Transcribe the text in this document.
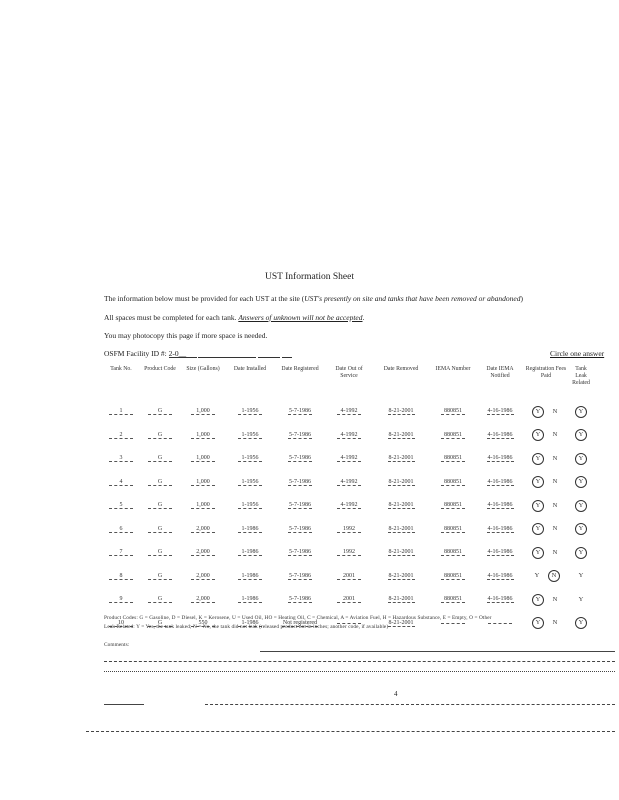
UST Information Sheet
The information below must be provided for each UST at the site (UST's presently on site and tanks that have been removed or abandoned)
All spaces must be completed for each tank. Answers of unknown will not be accepted.
You may photocopy this page if more space is needed.
OSFM Facility ID #: 2-0__	Circle one answer
Tank No.	Product Code	Size (Gallons)	Date Installed	Date Registered	Date Out of Service	Date Removed	IEMA Number	Date IEMA Notified	Registration Fees Paid	Tank Leak Related
1	G	1,000	1-1956	5-7-1986	4-1992	8-21-2001	880851	4-16-1986	Y N	Y
2	G	1,000	1-1956	5-7-1986	4-1992	8-21-2001	880851	4-16-1986	Y N	Y
3	G	1,000	1-1956	5-7-1986	4-1992	8-21-2001	880851	4-16-1986	Y N	Y
4	G	1,000	1-1956	5-7-1986	4-1992	8-21-2001	880851	4-16-1986	Y N	Y
5	G	1,000	1-1956	5-7-1986	4-1992	8-21-2001	880851	4-16-1986	Y N	Y
6	G	2,000	1-1986	5-7-1986	1992	8-21-2001	880851	4-16-1986	Y N	Y
7	G	2,000	1-1986	5-7-1986	1992	8-21-2001	880851	4-16-1986	Y N	Y
8	G	2,000	1-1986	5-7-1986	2001	8-21-2001	880851	4-16-1986	Y N	Y
9	G	2,000	1-1986	5-7-1986	2001	8-21-2001	880851	4-16-1986	Y N	Y
10	G	550	1-1986	Not registered		8-21-2001			Y N	Y
Product Codes: G = Gasoline, D = Diesel, K = Kerosene, U = Used Oil, HO = Heating Oil, C = Chemical, A = Aviation Fuel, H = Hazardous Substance, E = Empty, O = Other
Leak Related: Y = Yes, the tank leaked; N = No, the tank did not leak (released product not in inches; another code, if available)
Comments:
4
